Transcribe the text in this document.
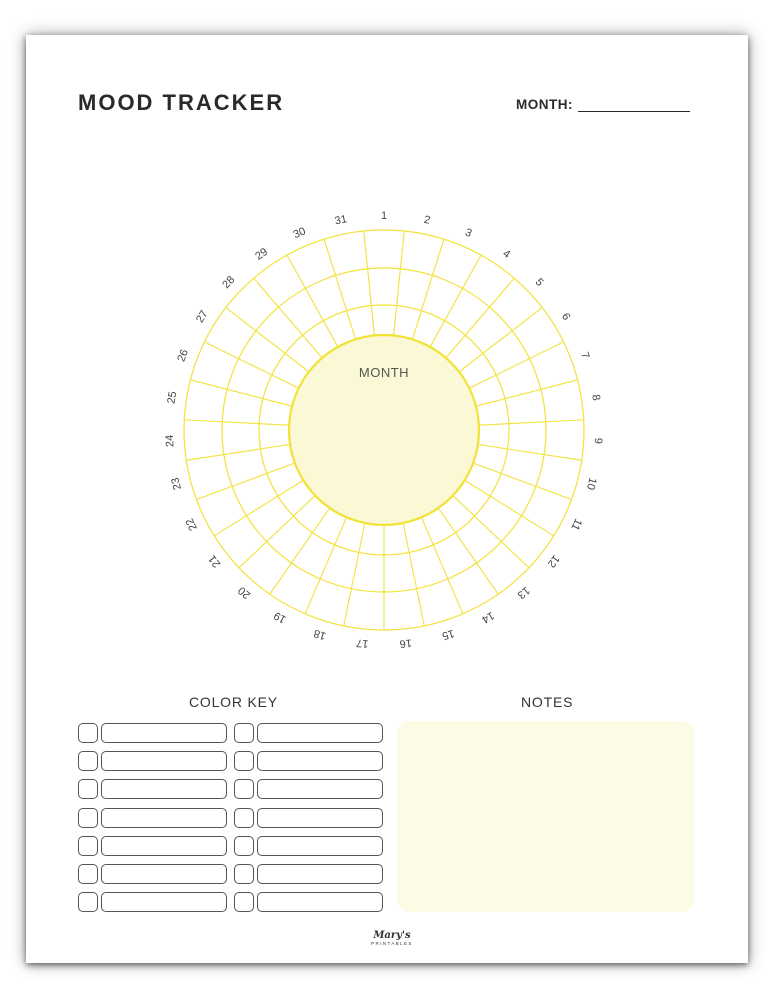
MOOD TRACKER	MONTH:
MONTH
1	2
3
4
5
6
7
8
9
10
11
12
13
14
15
16
17
18
19
20
21
22
23
24
25
26
27
28
29
30
31
COLOR KEY	NOTES
Mary's
PRINTABLES
